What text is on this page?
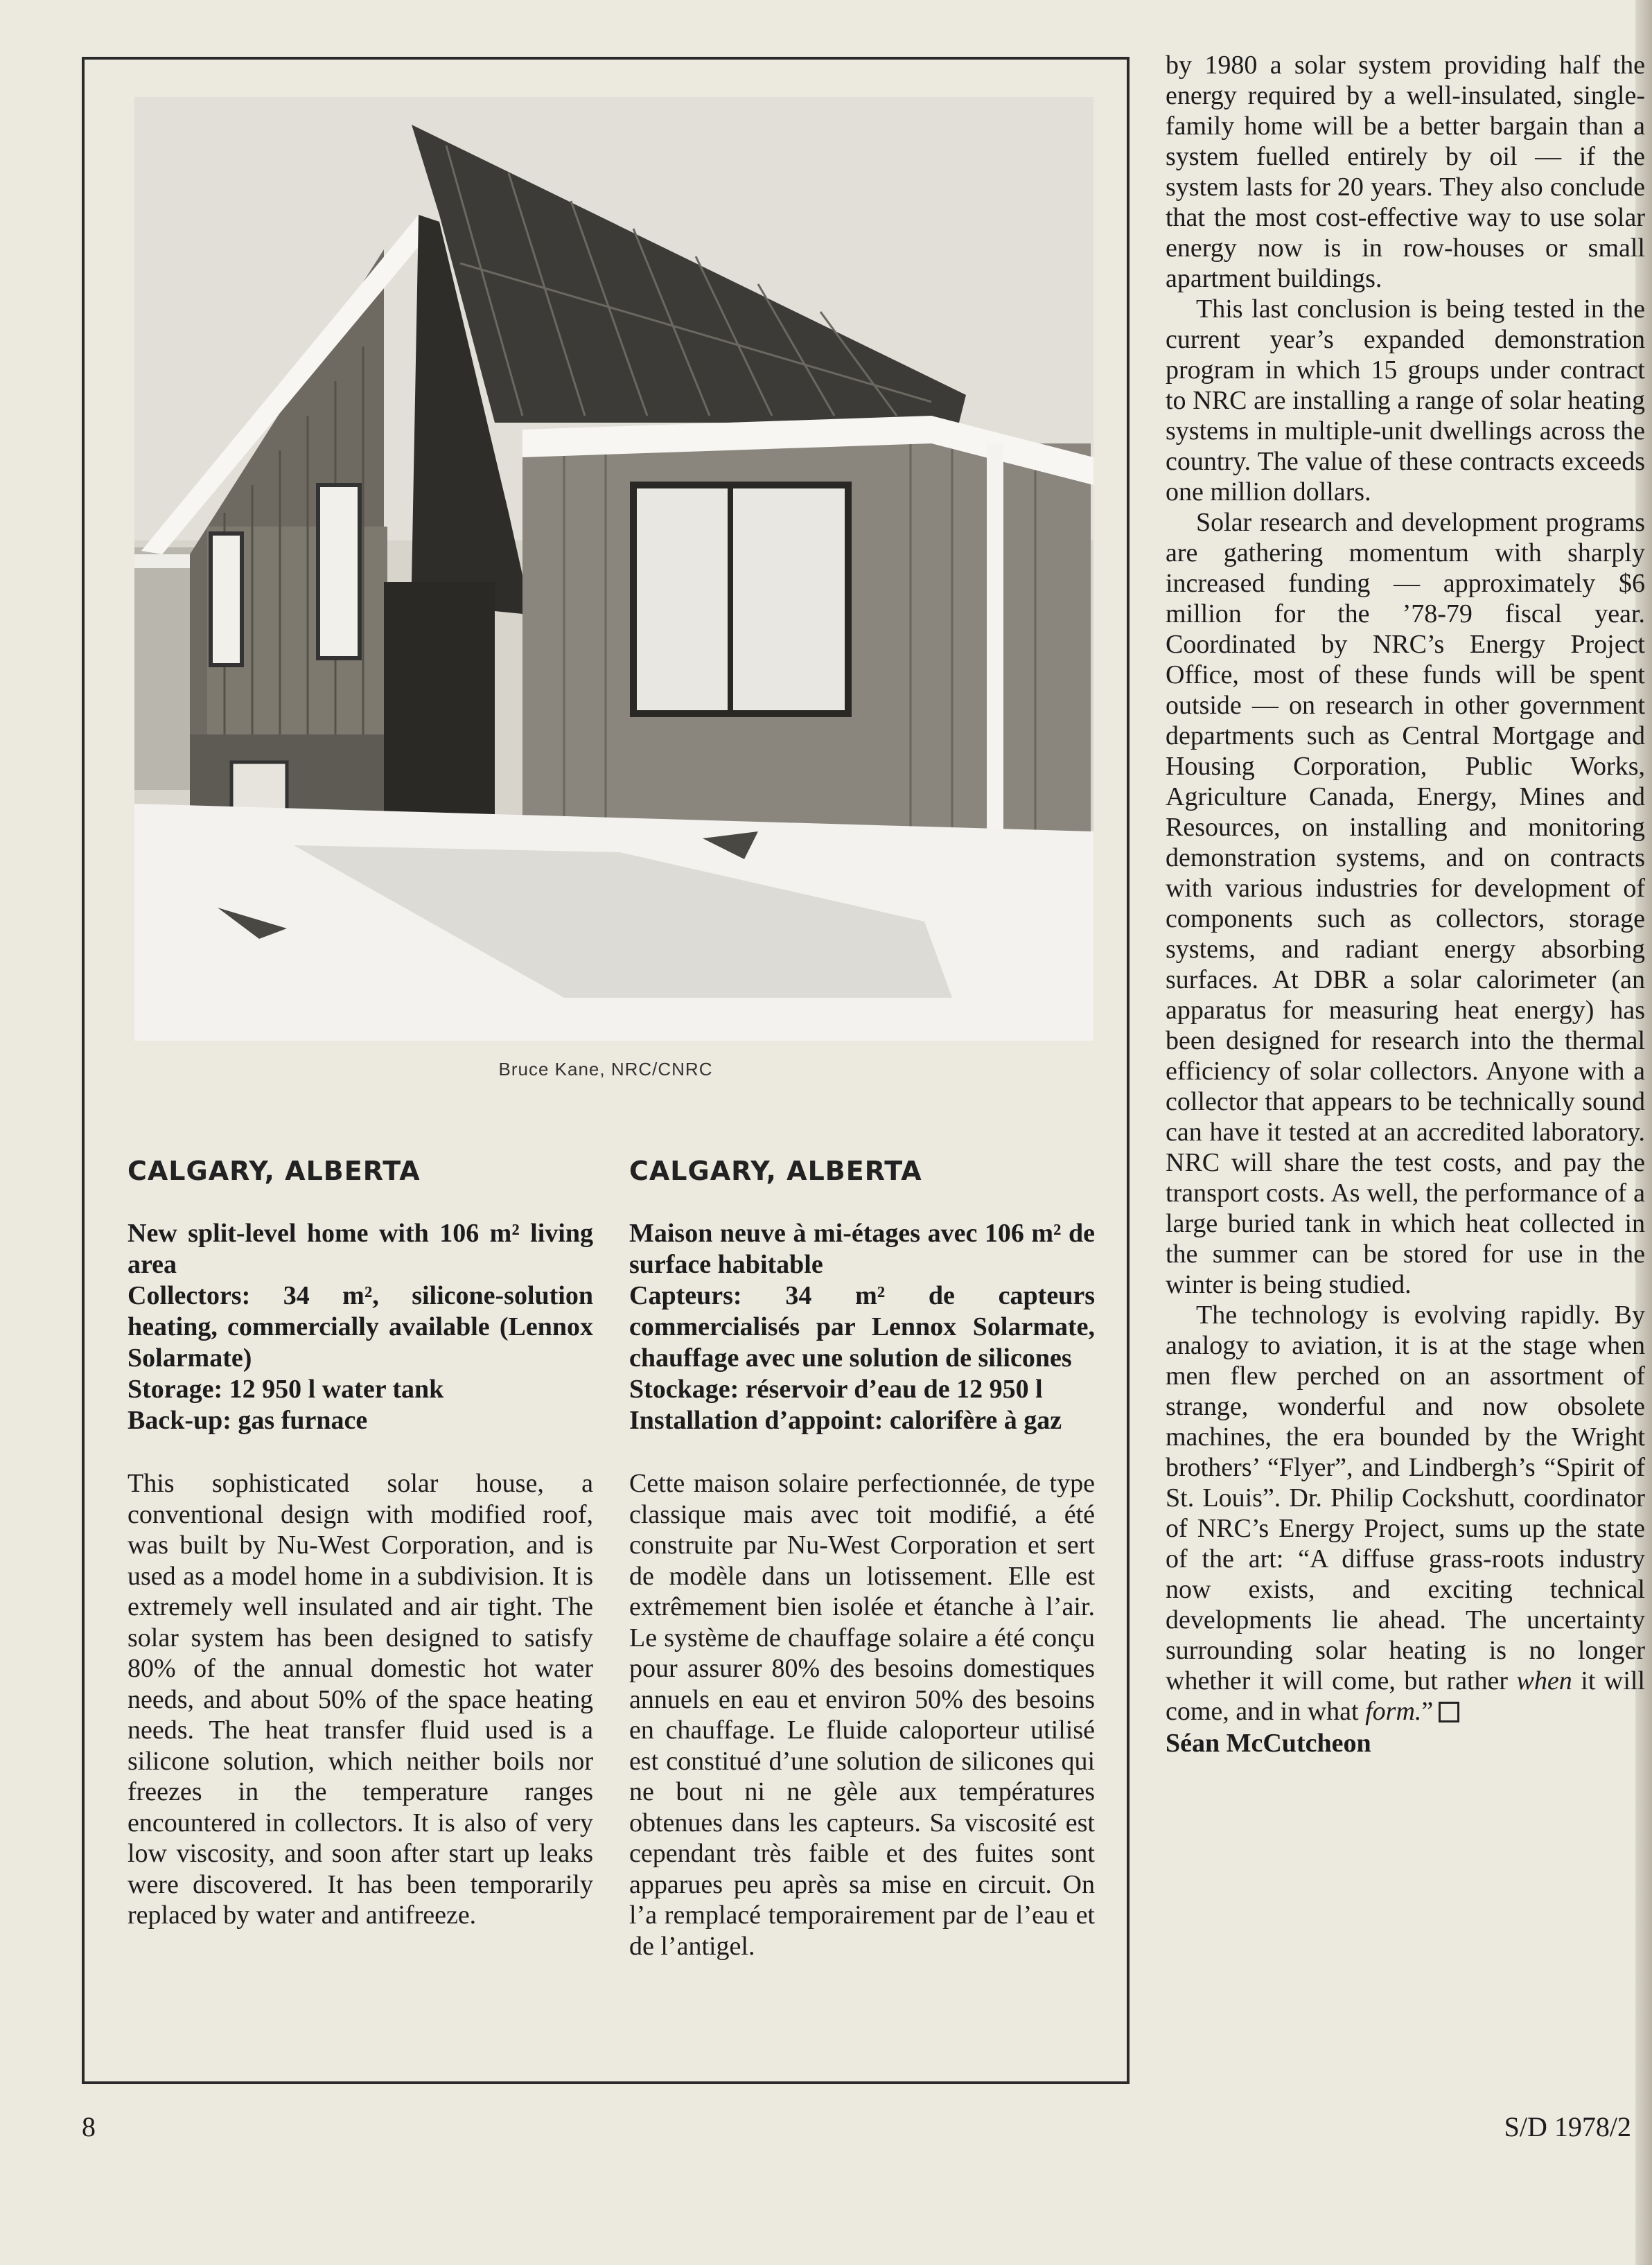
Bruce Kane, NRC/CNRC
CALGARY, ALBERTA

New split-level home with 106 m² living area
Collectors: 34 m², silicone-solution heating, commercially available (Lennox Solarmate)
Storage: 12 950 l water tank
Back-up: gas furnace

This sophisticated solar house, a conventional design with modified roof, was built by Nu-West Corporation, and is used as a model home in a subdivision. It is extremely well insulated and air tight. The solar system has been designed to satisfy 80% of the annual domestic hot water needs, and about 50% of the space heating needs. The heat transfer fluid used is a silicone solution, which neither boils nor freezes in the temperature ranges encountered in collectors. It is also of very low viscosity, and soon after start up leaks were discovered. It has been temporarily replaced by water and antifreeze.
CALGARY, ALBERTA

Maison neuve à mi-étages avec 106 m² de surface habitable
Capteurs: 34 m² de capteurs commercialisés par Lennox Solarmate, chauffage avec une solution de silicones
Stockage: réservoir d’eau de 12 950 l
Installation d’appoint: calorifère à gaz

Cette maison solaire perfectionnée, de type classique mais avec toit modifié, a été construite par Nu-West Corporation et sert de modèle dans un lotissement. Elle est extrêmement bien isolée et étanche à l’air. Le système de chauffage solaire a été conçu pour assurer 80% des besoins domestiques annuels en eau et environ 50% des besoins en chauffage. Le fluide caloporteur utilisé est constitué d’une solution de silicones qui ne bout ni ne gèle aux températures obtenues dans les capteurs. Sa viscosité est cependant très faible et des fuites sont apparues peu après sa mise en circuit. On l’a remplacé temporairement par de l’eau et de l’antigel.

by 1980 a solar system providing half the energy required by a well-insulated, single-family home will be a better bargain than a system fuelled entirely by oil — if the system lasts for 20 years. They also conclude that the most cost-effective way to use solar energy now is in row-houses or small apartment buildings.

This last conclusion is being tested in the current year’s expanded demonstration program in which 15 groups under contract to NRC are installing a range of solar heating systems in multiple-unit dwellings across the country. The value of these contracts exceeds one million dollars.

Solar research and development programs are gathering momentum with sharply increased funding — approximately $6 million for the ’78-79 fiscal year. Coordinated by NRC’s Energy Project Office, most of these funds will be spent outside — on research in other government departments such as Central Mortgage and Housing Corporation, Public Works, Agriculture Canada, Energy, Mines and Resources, on installing and monitoring demonstration systems, and on contracts with various industries for development of components such as collectors, storage systems, and radiant energy absorbing surfaces. At DBR a solar calorimeter (an apparatus for measuring heat energy) has been designed for research into the thermal efficiency of solar collectors. Anyone with a collector that appears to be technically sound can have it tested at an accredited laboratory. NRC will share the test costs, and pay the transport costs. As well, the performance of a large buried tank in which heat collected in the summer can be stored for use in the winter is being studied.

The technology is evolving rapidly. By analogy to aviation, it is at the stage when men flew perched on an assortment of strange, wonderful and now obsolete machines, the era bounded by the Wright brothers’ “Flyer”, and Lindbergh’s “Spirit of St. Louis”. Dr. Philip Cockshutt, coordinator of NRC’s Energy Project, sums up the state of the art: “A diffuse grass-roots industry now exists, and exciting technical developments lie ahead. The uncertainty surrounding solar heating is no longer whether it will come, but rather when it will come, and in what form.”

Séan McCutcheon

8	S/D 1978/2
